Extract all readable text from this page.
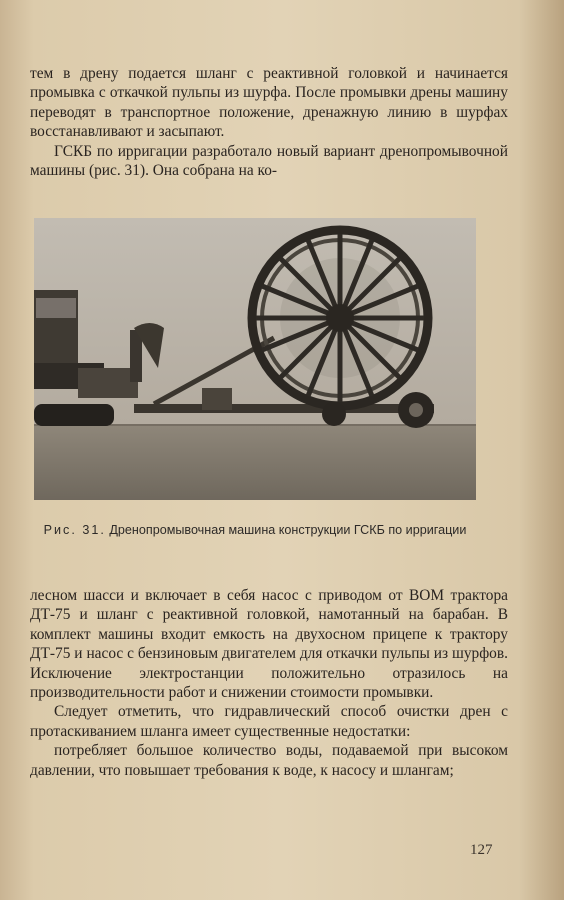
тем в дрену подается шланг с реактивной головкой и начинается промывка с откачкой пульпы из шурфа. После промывки дрены машину переводят в транспортное положение, дренажную линию в шурфах восстанавливают и засыпают.

ГСКБ по ирригации разработало новый вариант дренопромывочной машины (рис. 31). Она собрана на ко-

Рис. 31. Дренопромывочная машина конструкции ГСКБ по ирригации

лесном шасси и включает в себя насос с приводом от ВОМ трактора ДТ-75 и шланг с реактивной головкой, намотанный на барабан. В комплект машины входит емкость на двухосном прицепе к трактору ДТ-75 и насос с бензиновым двигателем для откачки пульпы из шурфов. Исключение электростанции положительно отразилось на производительности работ и снижении стоимости промывки.

Следует отметить, что гидравлический способ очистки дрен с протаскиванием шланга имеет существенные недостатки:

потребляет большое количество воды, подаваемой при высоком давлении, что повышает требования к воде, к насосу и шлангам;

127
